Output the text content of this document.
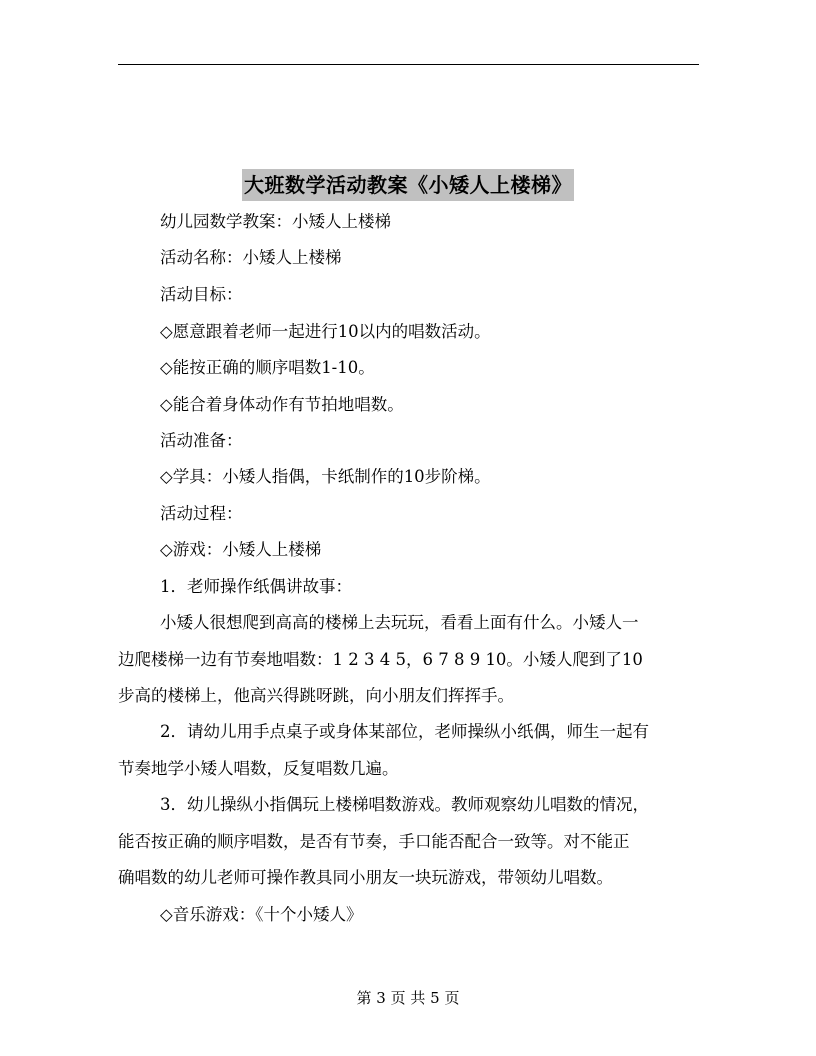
大班数学活动教案《小矮人上楼梯》
幼儿园数学教案：小矮人上楼梯
活动名称：小矮人上楼梯
活动目标：
◇愿意跟着老师一起进行10以内的唱数活动。
◇能按正确的顺序唱数1-10。
◇能合着身体动作有节拍地唱数。
活动准备：
◇学具：小矮人指偶，卡纸制作的10步阶梯。
活动过程：
◇游戏：小矮人上楼梯
1．老师操作纸偶讲故事：
小矮人很想爬到高高的楼梯上去玩玩，看看上面有什么。小矮人一
边爬楼梯一边有节奏地唱数：1 2 3 4 5，6 7 8 9 10。小矮人爬到了10
步高的楼梯上，他高兴得跳呀跳，向小朋友们挥挥手。
2．请幼儿用手点桌子或身体某部位，老师操纵小纸偶，师生一起有
节奏地学小矮人唱数，反复唱数几遍。
3．幼儿操纵小指偶玩上楼梯唱数游戏。教师观察幼儿唱数的情况，
能否按正确的顺序唱数，是否有节奏，手口能否配合一致等。对不能正
确唱数的幼儿老师可操作教具同小朋友一块玩游戏，带领幼儿唱数。
◇音乐游戏：《十个小矮人》
第 3 页 共 5 页
